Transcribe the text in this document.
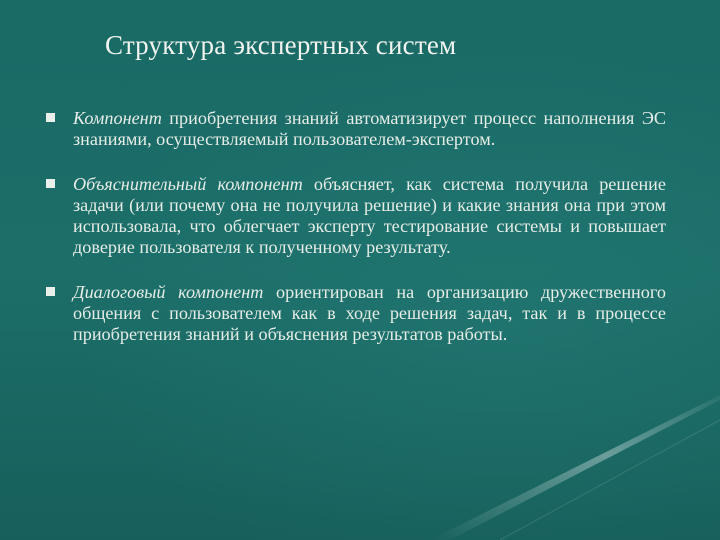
Структура экспертных систем
Компонент приобретения знаний автоматизирует процесс наполнения ЭС знаниями, осуществляемый пользователем-экспертом.
Объяснительный компонент объясняет, как система получила решение задачи (или почему она не получила решение) и какие знания она при этом использовала, что облегчает эксперту тестирование системы и повышает доверие пользователя к полученному результату.
Диалоговый компонент ориентирован на организацию дружественного общения с пользователем как в ходе решения задач, так и в процессе приобретения знаний и объяснения результатов работы.
